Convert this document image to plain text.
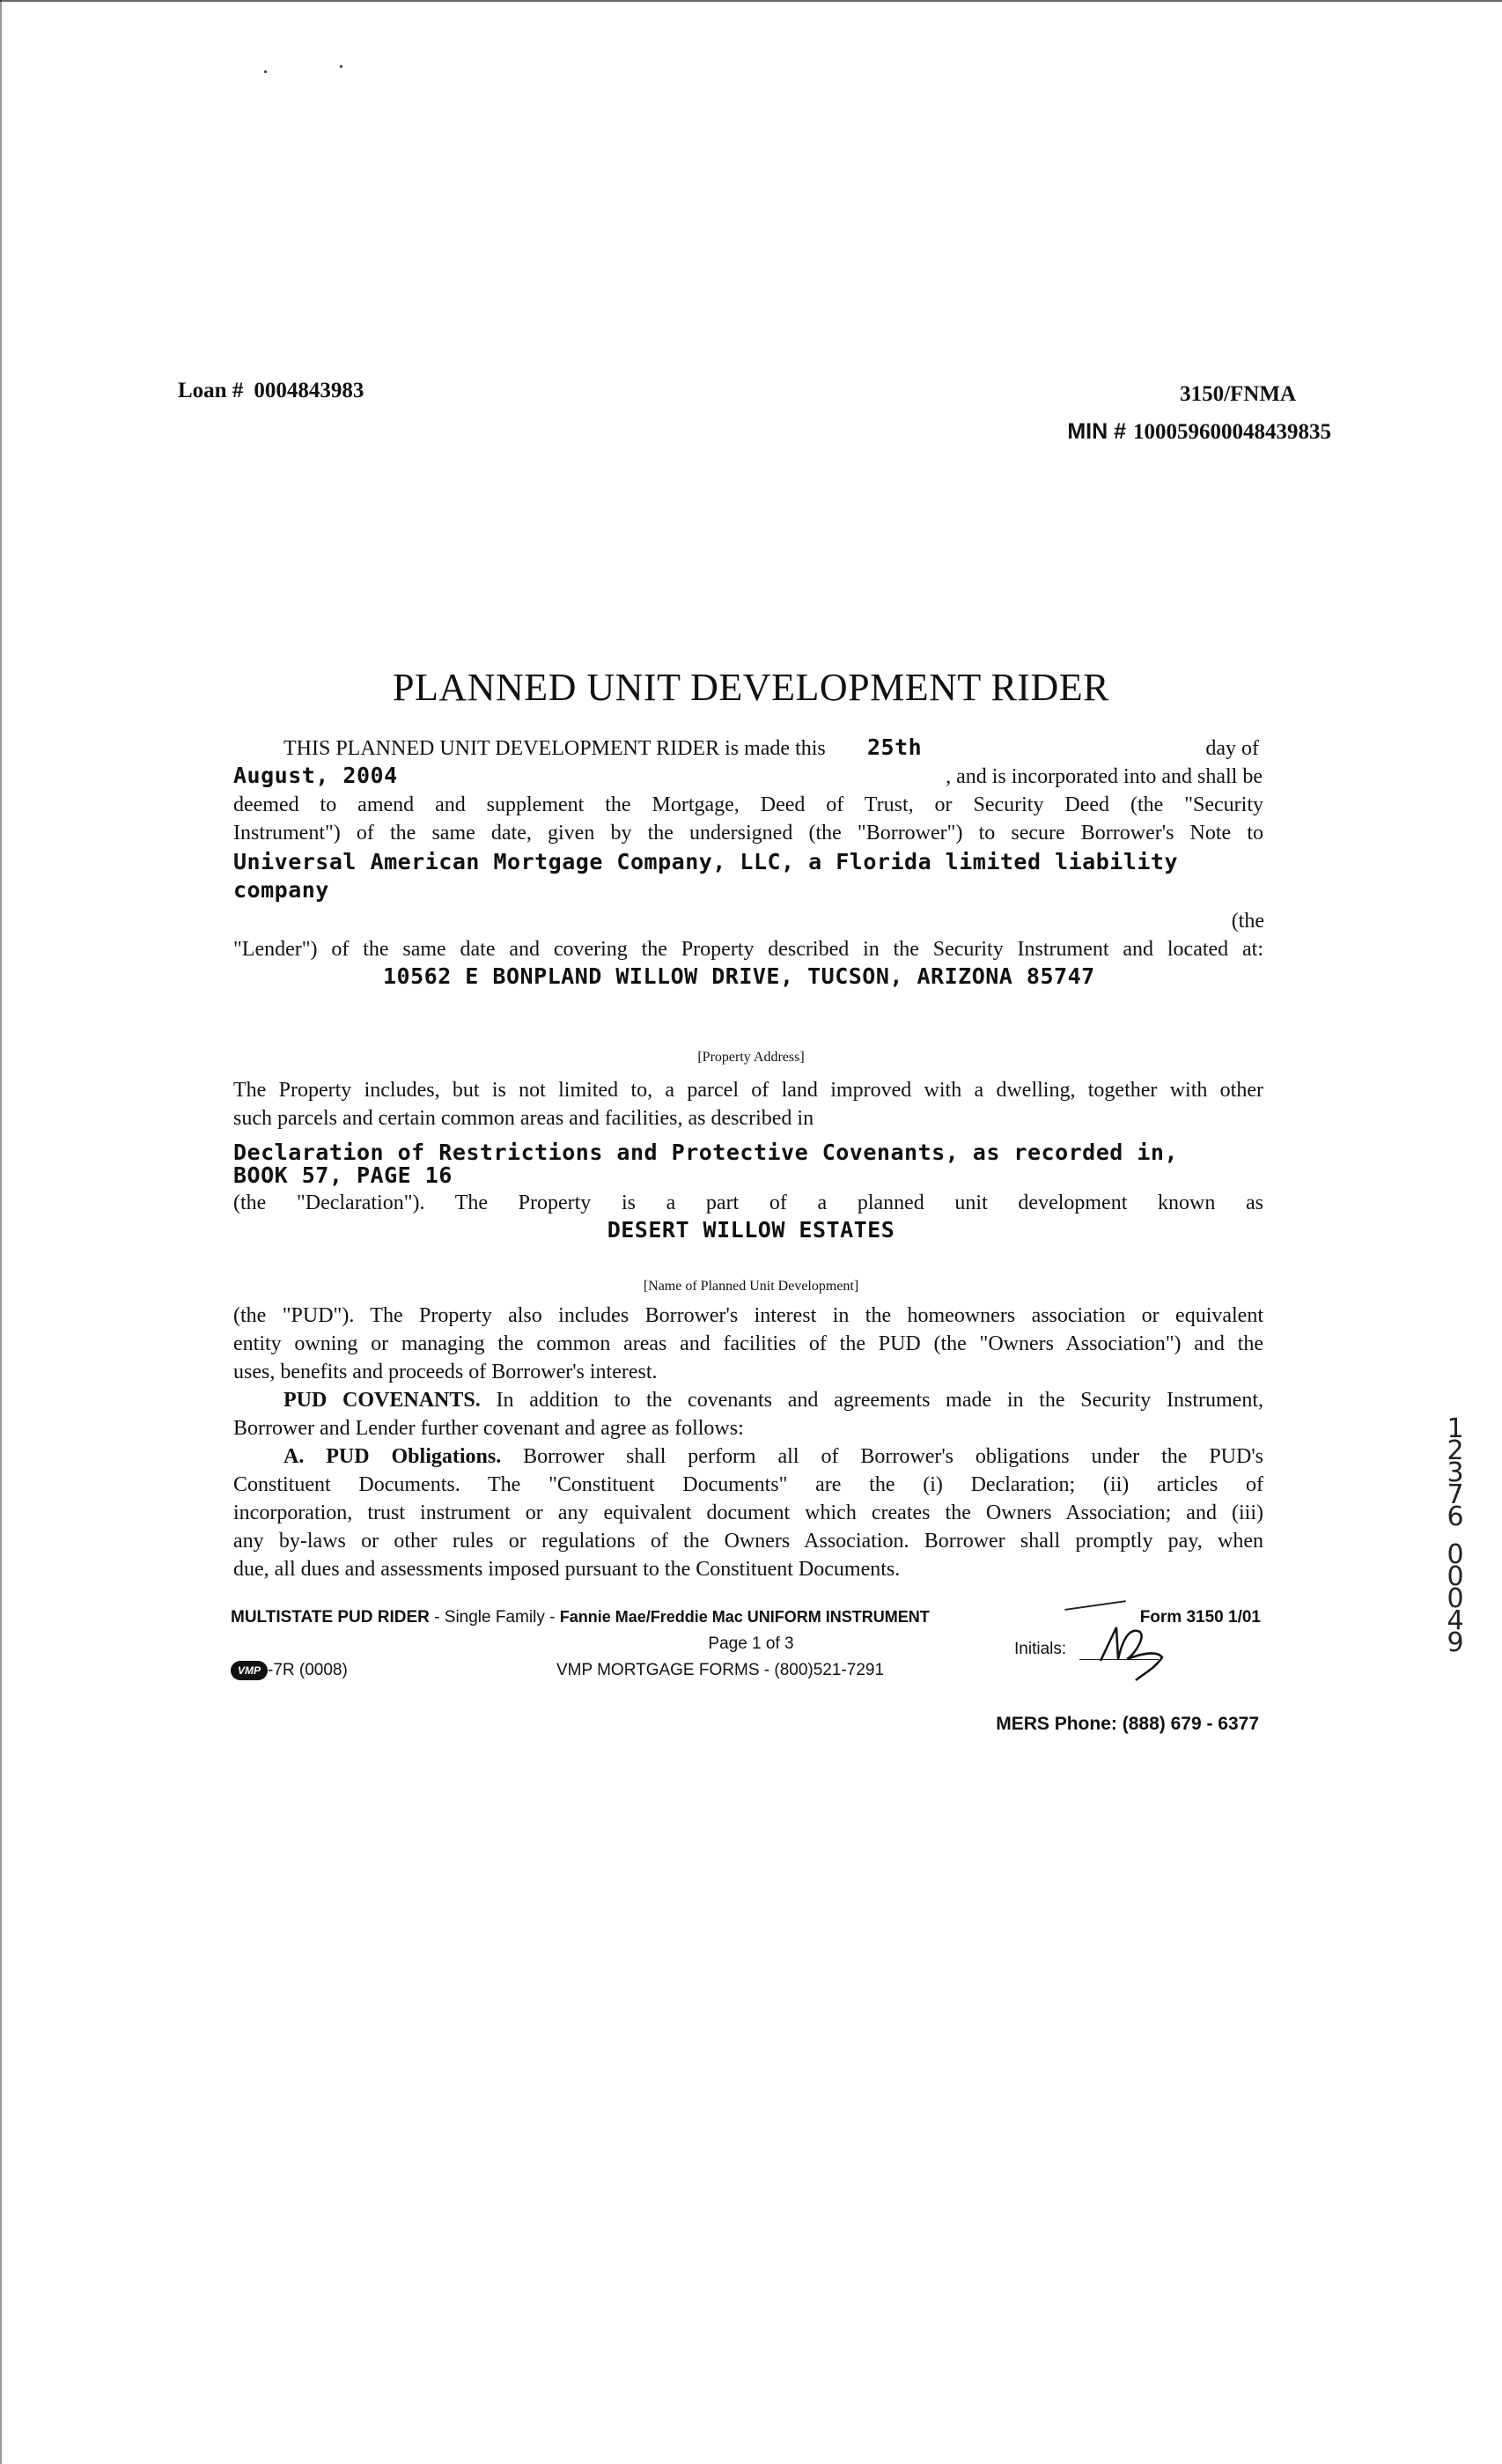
Loan # 0004843983	3150/FNMA
MIN # 100059600048439835
PLANNED UNIT DEVELOPMENT RIDER
THIS PLANNED UNIT DEVELOPMENT RIDER is made this 25th	day of
August, 2004	, and is incorporated into and shall be
deemed to amend and supplement the Mortgage, Deed of Trust, or Security Deed (the "Security
Instrument") of the same date, given by the undersigned (the "Borrower") to secure Borrower's Note to
Universal American Mortgage Company, LLC, a Florida limited liability
company
(the
"Lender") of the same date and covering the Property described in the Security Instrument and located at:
10562 E BONPLAND WILLOW DRIVE, TUCSON, ARIZONA 85747
[Property Address]
The Property includes, but is not limited to, a parcel of land improved with a dwelling, together with other
such parcels and certain common areas and facilities, as described in
Declaration of Restrictions and Protective Covenants, as recorded in,
BOOK 57, PAGE 16
(the "Declaration"). The Property is a part of a planned unit development known as
DESERT WILLOW ESTATES
[Name of Planned Unit Development]
(the "PUD"). The Property also includes Borrower's interest in the homeowners association or equivalent
entity owning or managing the common areas and facilities of the PUD (the "Owners Association") and the
uses, benefits and proceeds of Borrower's interest.
PUD COVENANTS. In addition to the covenants and agreements made in the Security Instrument,
Borrower and Lender further covenant and agree as follows:
A. PUD Obligations. Borrower shall perform all of Borrower's obligations under the PUD's
Constituent Documents. The "Constituent Documents" are the (i) Declaration; (ii) articles of
incorporation, trust instrument or any equivalent document which creates the Owners Association; and (iii)
any by-laws or other rules or regulations of the Owners Association. Borrower shall promptly pay, when
due, all dues and assessments imposed pursuant to the Constituent Documents.
MULTISTATE PUD RIDER - Single Family - Fannie Mae/Freddie Mac UNIFORM INSTRUMENT	Form 3150 1/01
Page 1 of 3	Initials:
VMP -7R (0008)	VMP MORTGAGE FORMS - (800)521-7291
MERS Phone: (888) 679 - 6377
1
2
3
7
6
0
0
0
4
9
